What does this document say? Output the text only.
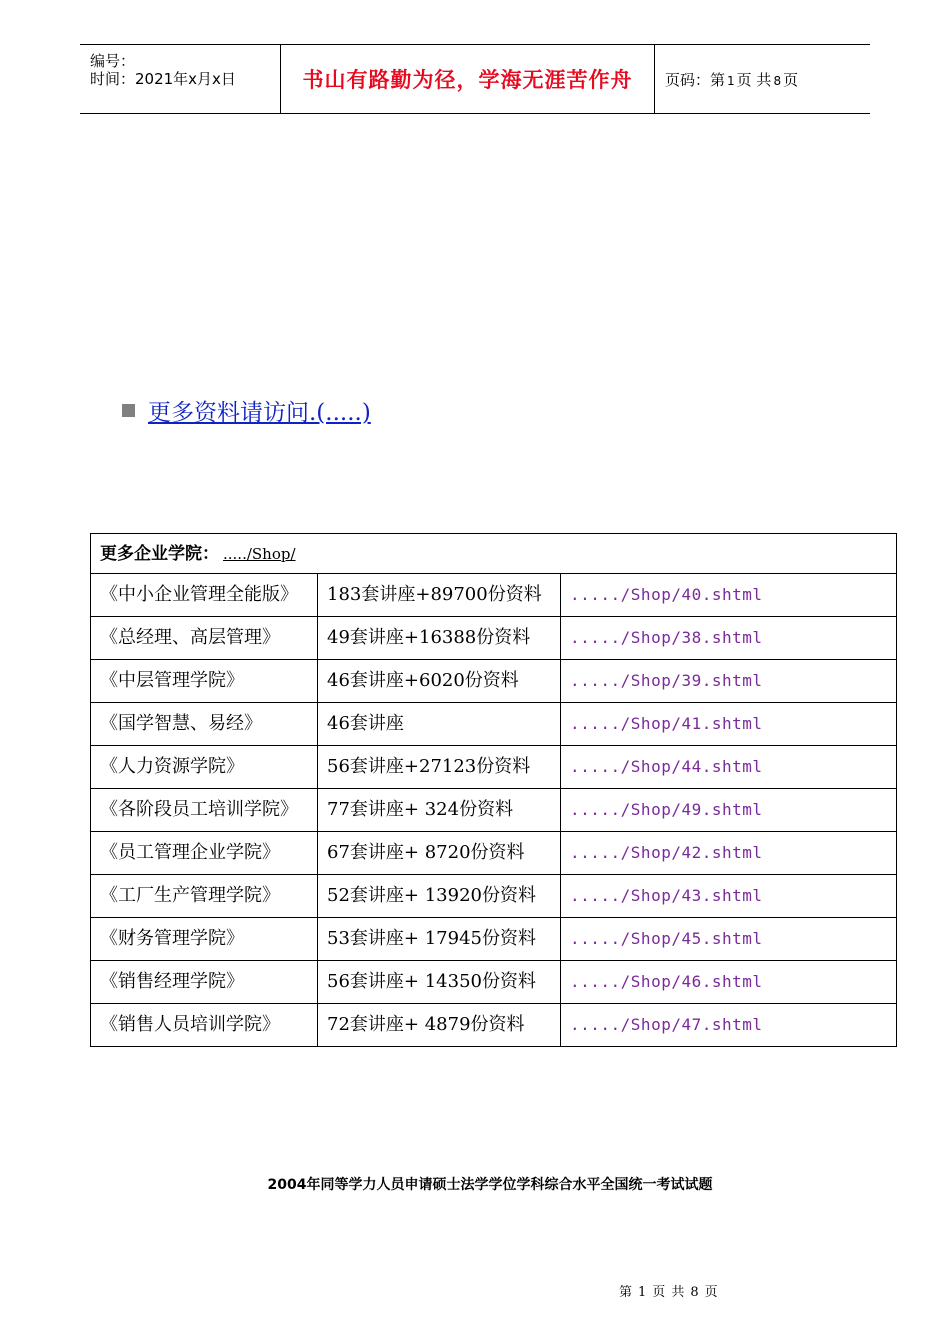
编号：
时间：2021年x月x日	书山有路勤为径，学海无涯苦作舟 页码：第 1 页 共 8 页
更多资料请访问.(.....)
更多企业学院： ...../Shop/		
《中小企业管理全能版》	183套讲座+89700份资料	...../Shop/40.shtml
《总经理、高层管理》	49套讲座+16388份资料	...../Shop/38.shtml
《中层管理学院》	46套讲座+6020份资料	...../Shop/39.shtml
《国学智慧、易经》	46套讲座	...../Shop/41.shtml
《人力资源学院》	56套讲座+27123份资料	...../Shop/44.shtml
《各阶段员工培训学院》	77套讲座+ 324份资料	...../Shop/49.shtml
《员工管理企业学院》	67套讲座+ 8720份资料	...../Shop/42.shtml
《工厂生产管理学院》	52套讲座+ 13920份资料	...../Shop/43.shtml
《财务管理学院》	53套讲座+ 17945份资料	...../Shop/45.shtml
《销售经理学院》	56套讲座+ 14350份资料	...../Shop/46.shtml
《销售人员培训学院》	72套讲座+ 4879份资料	...../Shop/47.shtml
2004年同等学力人员申请硕士法学学位学科综合水平全国统一考试试题
第 1 页 共 8 页
